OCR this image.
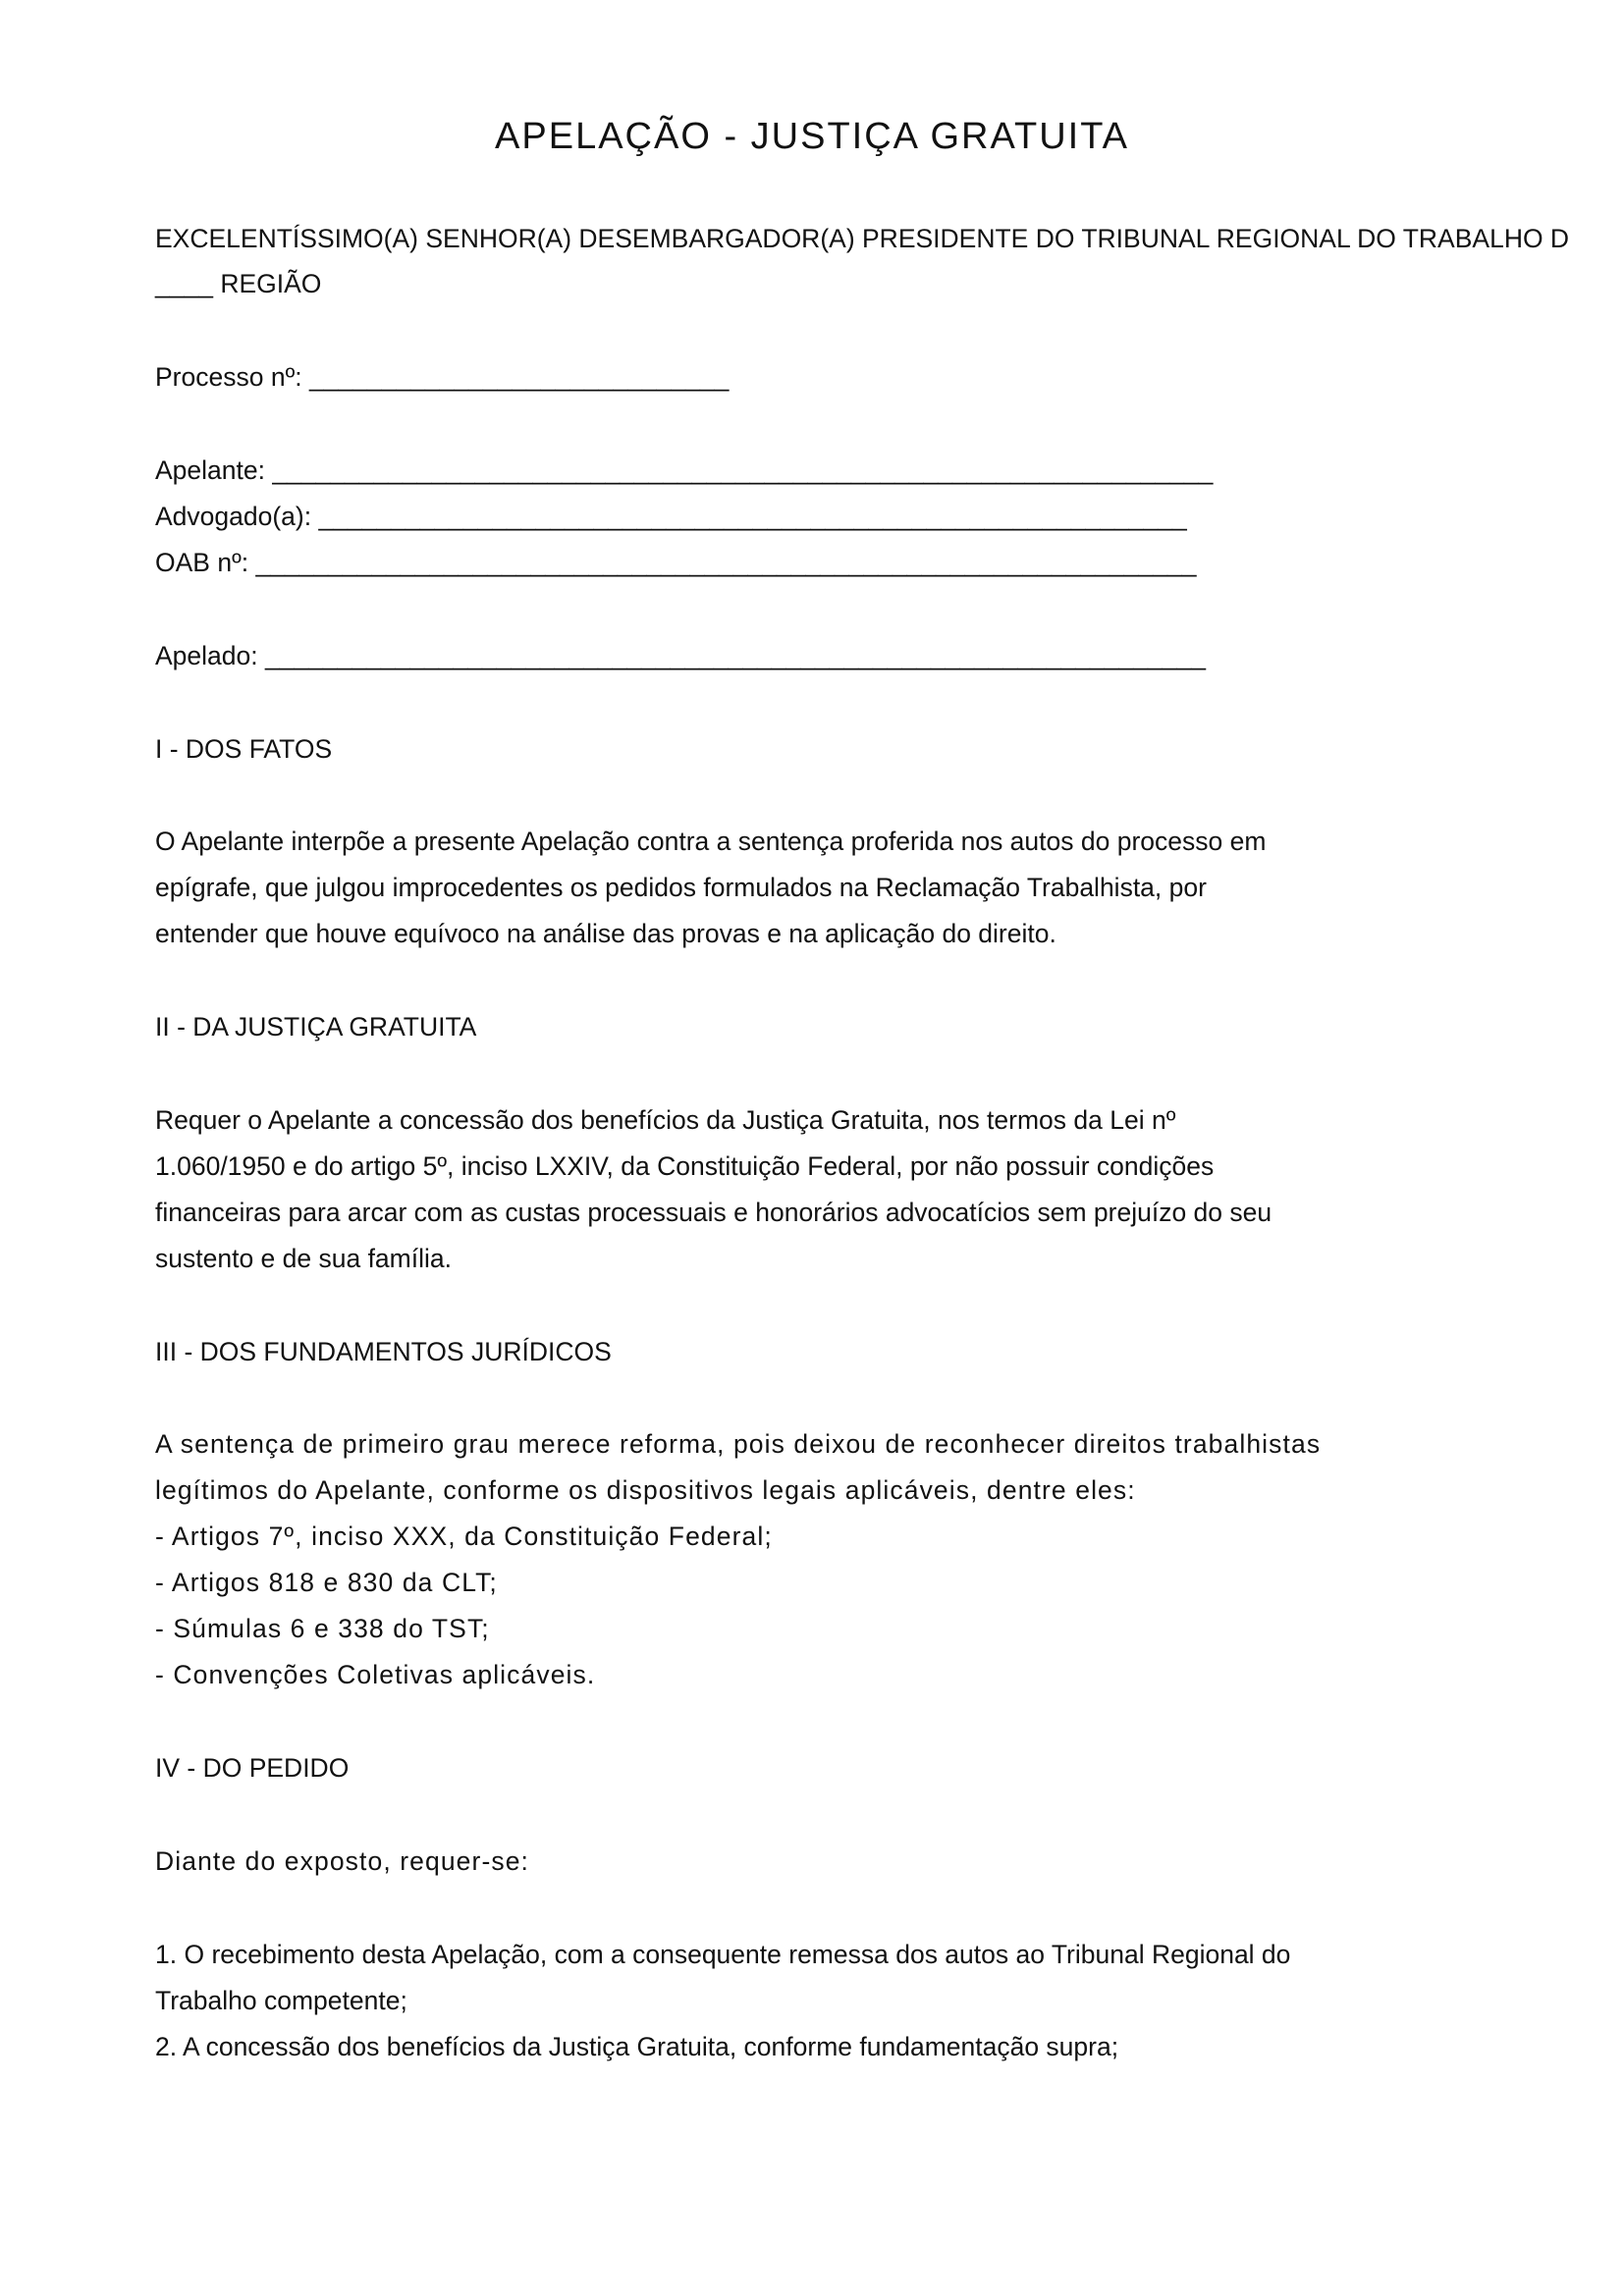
APELAÇÃO - JUSTIÇA GRATUITA

EXCELENTÍSSIMO(A) SENHOR(A) DESEMBARGADOR(A) PRESIDENTE DO TRIBUNAL REGIONAL DO TRABALHO D

____ REGIÃO

Processo nº: _____________________________

Apelante: _________________________________________________________________

Advogado(a): ____________________________________________________________

OAB nº: _________________________________________________________________

Apelado: _________________________________________________________________

I - DOS FATOS

O Apelante interpõe a presente Apelação contra a sentença proferida nos autos do processo em

epígrafe, que julgou improcedentes os pedidos formulados na Reclamação Trabalhista, por

entender que houve equívoco na análise das provas e na aplicação do direito.

II - DA JUSTIÇA GRATUITA

Requer o Apelante a concessão dos benefícios da Justiça Gratuita, nos termos da Lei nº

1.060/1950 e do artigo 5º, inciso LXXIV, da Constituição Federal, por não possuir condições

financeiras para arcar com as custas processuais e honorários advocatícios sem prejuízo do seu

sustento e de sua família.

III - DOS FUNDAMENTOS JURÍDICOS

A sentença de primeiro grau merece reforma, pois deixou de reconhecer direitos trabalhistas

legítimos do Apelante, conforme os dispositivos legais aplicáveis, dentre eles:

- Artigos 7º, inciso XXX, da Constituição Federal;

- Artigos 818 e 830 da CLT;

- Súmulas 6 e 338 do TST;

- Convenções Coletivas aplicáveis.

IV - DO PEDIDO

Diante do exposto, requer-se:

1. O recebimento desta Apelação, com a consequente remessa dos autos ao Tribunal Regional do

Trabalho competente;

2. A concessão dos benefícios da Justiça Gratuita, conforme fundamentação supra;
